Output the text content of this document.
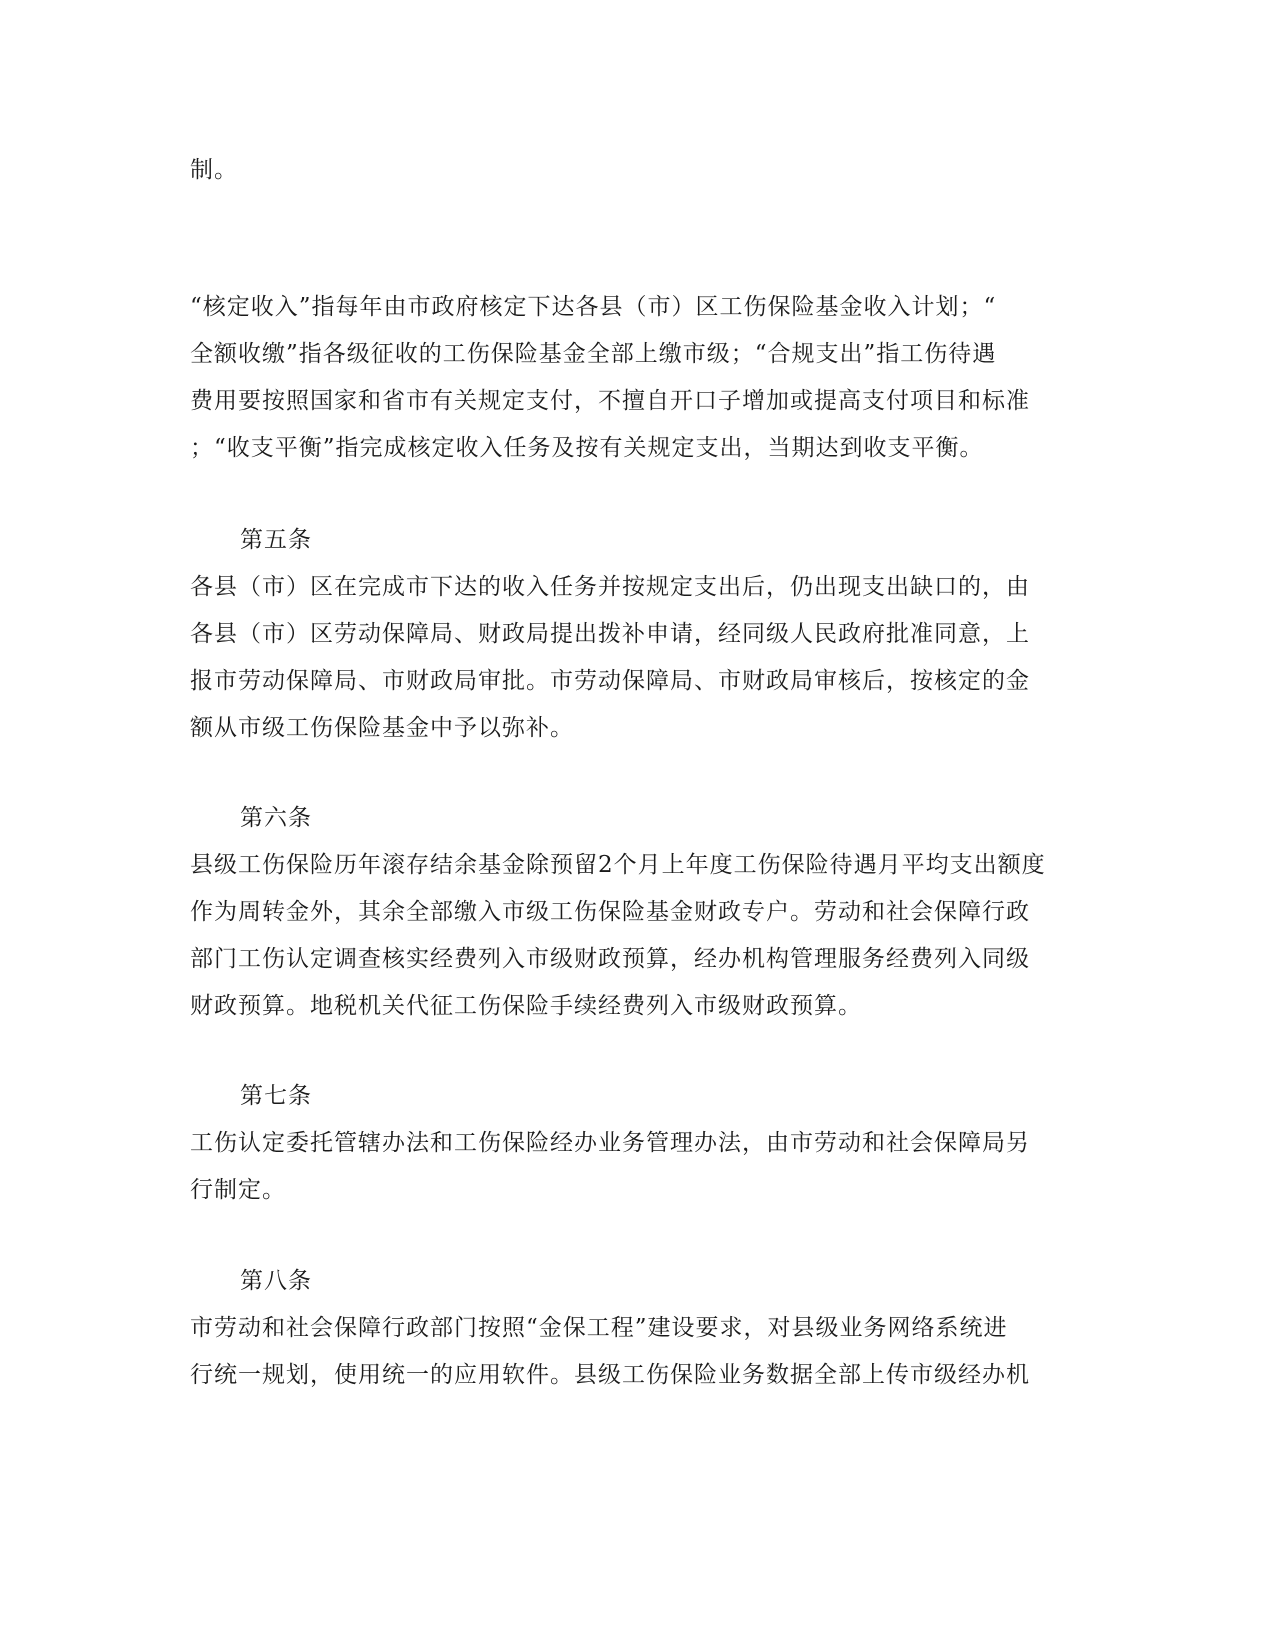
制。
“核定收入”指每年由市政府核定下达各县（市）区工伤保险基金收入计划；“
全额收缴”指各级征收的工伤保险基金全部上缴市级；“合规支出”指工伤待遇
费用要按照国家和省市有关规定支付，不擅自开口子增加或提高支付项目和标准
；“收支平衡”指完成核定收入任务及按有关规定支出，当期达到收支平衡。
第五条
各县（市）区在完成市下达的收入任务并按规定支出后，仍出现支出缺口的，由
各县（市）区劳动保障局、财政局提出拨补申请，经同级人民政府批准同意，上
报市劳动保障局、市财政局审批。市劳动保障局、市财政局审核后，按核定的金
额从市级工伤保险基金中予以弥补。
第六条
县级工伤保险历年滚存结余基金除预留2个月上年度工伤保险待遇月平均支出额度
作为周转金外，其余全部缴入市级工伤保险基金财政专户。劳动和社会保障行政
部门工伤认定调查核实经费列入市级财政预算，经办机构管理服务经费列入同级
财政预算。地税机关代征工伤保险手续经费列入市级财政预算。
第七条
工伤认定委托管辖办法和工伤保险经办业务管理办法，由市劳动和社会保障局另
行制定。
第八条
市劳动和社会保障行政部门按照“金保工程”建设要求，对县级业务网络系统进
行统一规划，使用统一的应用软件。县级工伤保险业务数据全部上传市级经办机
